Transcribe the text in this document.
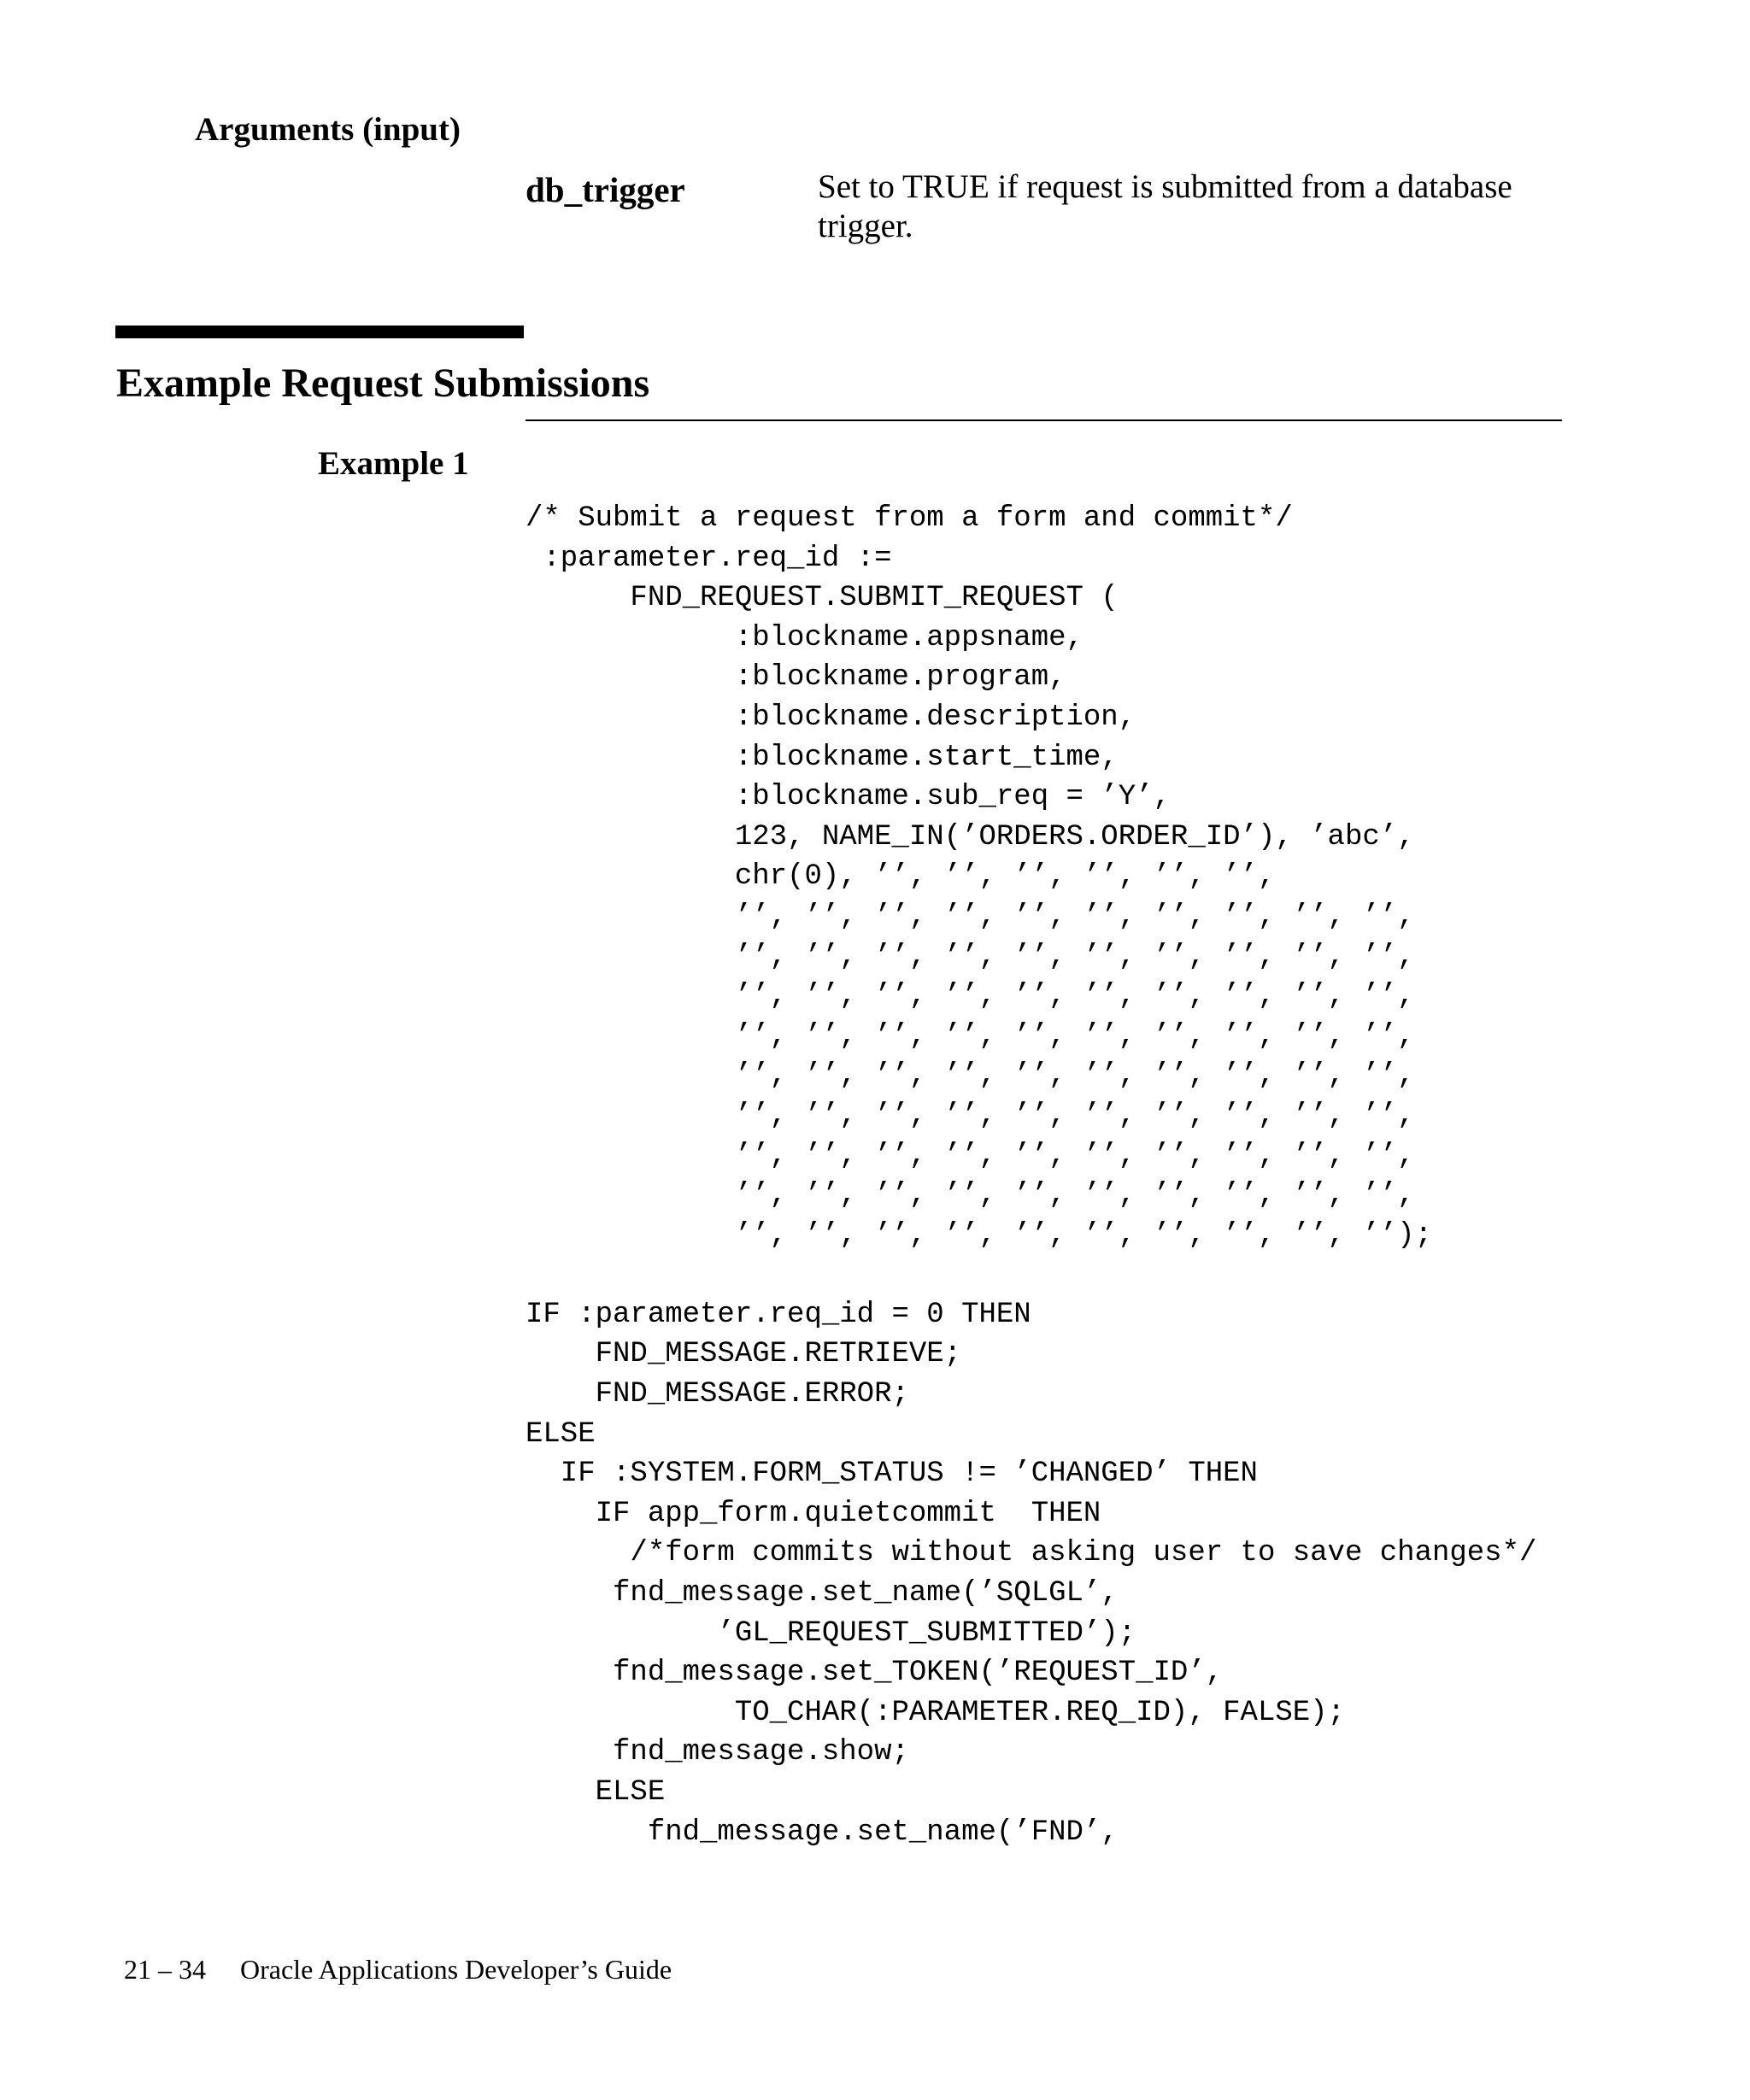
Arguments (input)
db_trigger	Set to TRUE if request is submitted from a database trigger.
Example Request Submissions
Example 1
/* Submit a request from a form and commit*/
:parameter.req_id :=
FND_REQUEST.SUBMIT_REQUEST (
:blockname.appsname,
:blockname.program,
:blockname.description,
:blockname.start_time,
:blockname.sub_req = ’Y’,
123, NAME_IN(’ORDERS.ORDER_ID’), ’abc’,
chr(0), ’’, ’’, ’’, ’’, ’’, ’’,
’’, ’’, ’’, ’’, ’’, ’’, ’’, ’’, ’’, ’’,
’’, ’’, ’’, ’’, ’’, ’’, ’’, ’’, ’’, ’’,
’’, ’’, ’’, ’’, ’’, ’’, ’’, ’’, ’’, ’’,
’’, ’’, ’’, ’’, ’’, ’’, ’’, ’’, ’’, ’’,
’’, ’’, ’’, ’’, ’’, ’’, ’’, ’’, ’’, ’’,
’’, ’’, ’’, ’’, ’’, ’’, ’’, ’’, ’’, ’’,
’’, ’’, ’’, ’’, ’’, ’’, ’’, ’’, ’’, ’’,
’’, ’’, ’’, ’’, ’’, ’’, ’’, ’’, ’’, ’’,
’’, ’’, ’’, ’’, ’’, ’’, ’’, ’’, ’’, ’’);

IF :parameter.req_id = 0 THEN
FND_MESSAGE.RETRIEVE;
FND_MESSAGE.ERROR;
ELSE
IF :SYSTEM.FORM_STATUS != ’CHANGED’ THEN
IF app_form.quietcommit  THEN
/*form commits without asking user to save changes*/
fnd_message.set_name(’SQLGL’,
’GL_REQUEST_SUBMITTED’);
fnd_message.set_TOKEN(’REQUEST_ID’,
TO_CHAR(:PARAMETER.REQ_ID), FALSE);
fnd_message.show;
ELSE
fnd_message.set_name(’FND’,
21 – 34 Oracle Applications Developer’s Guide
